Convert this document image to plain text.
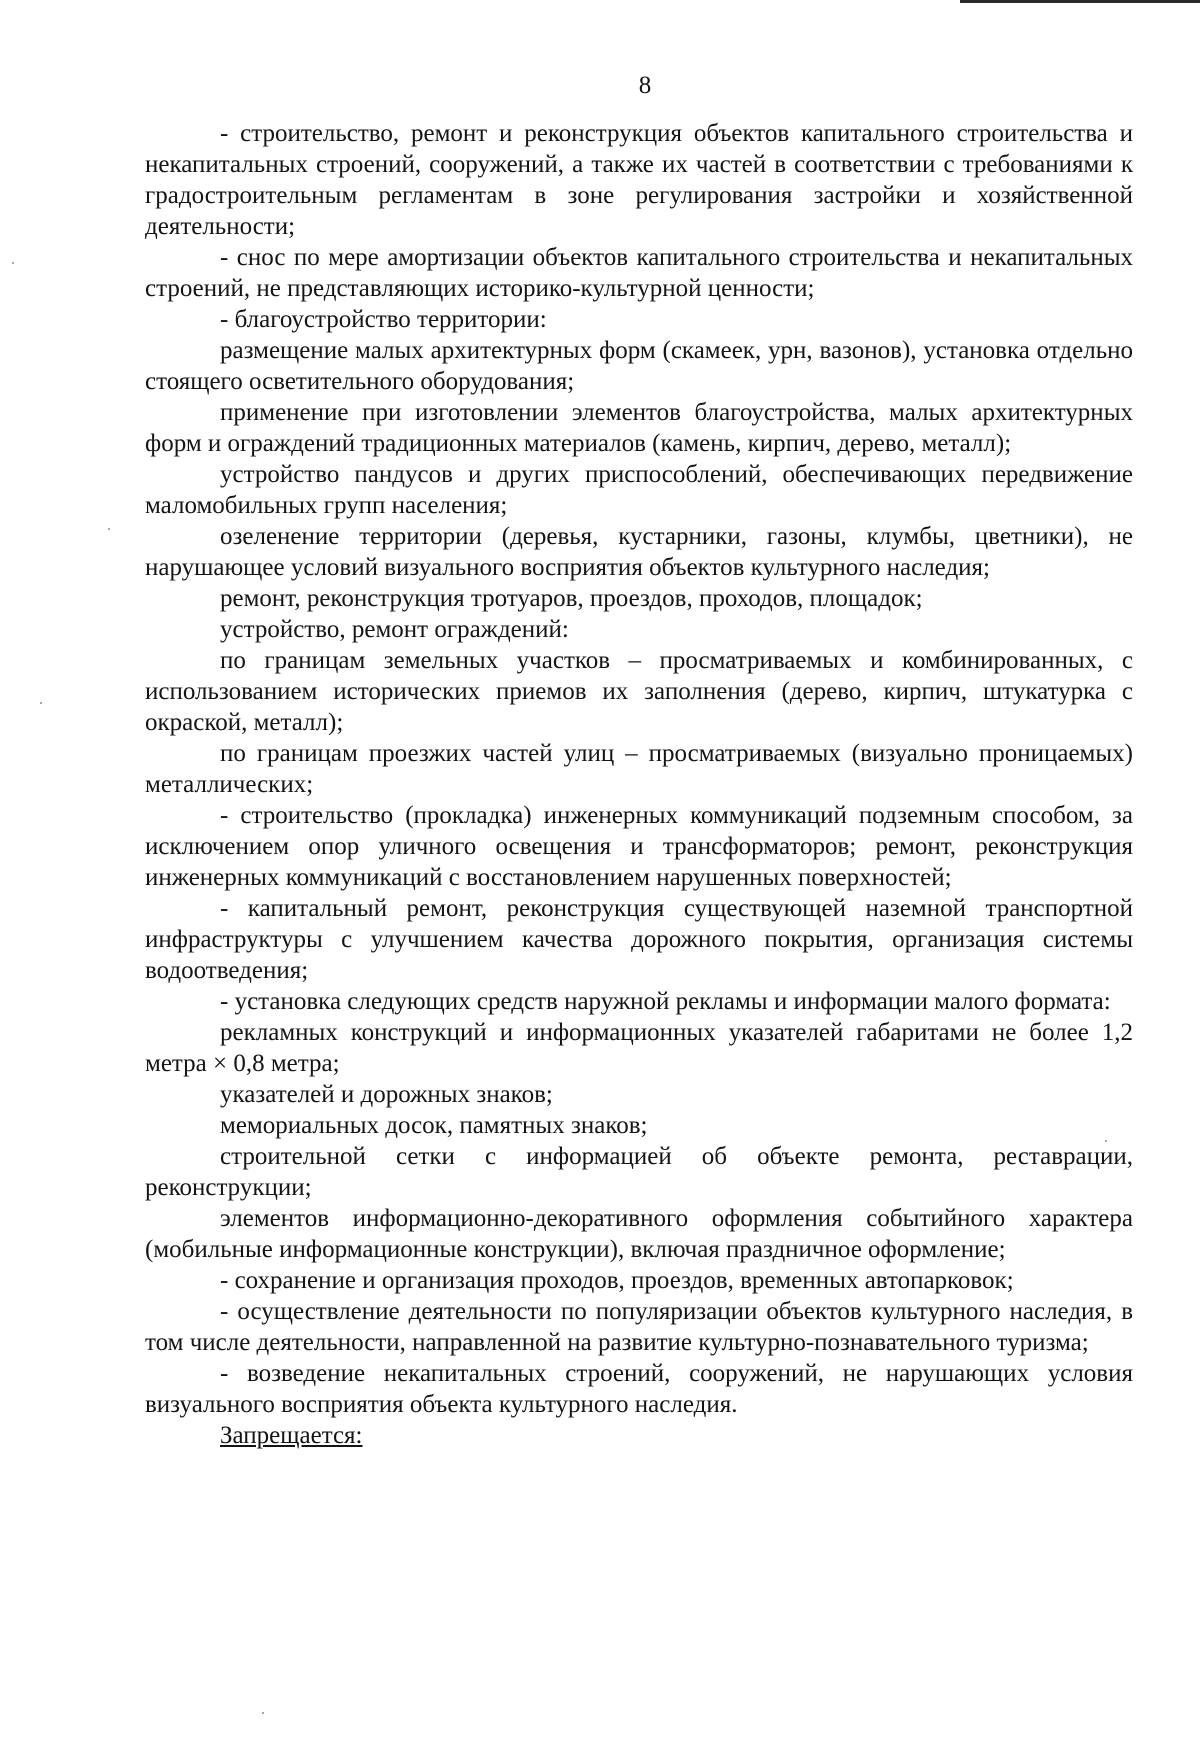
8

- строительство, ремонт и реконструкция объектов капитального строительства и некапитальных строений, сооружений, а также их частей в соответствии с требованиями к градостроительным регламентам в зоне регулирования застройки и хозяйственной деятельности;

- снос по мере амортизации объектов капитального строительства и некапитальных строений, не представляющих историко-культурной ценности;

- благоустройство территории:

размещение малых архитектурных форм (скамеек, урн, вазонов), установка отдельно стоящего осветительного оборудования;

применение при изготовлении элементов благоустройства, малых архитектурных форм и ограждений традиционных материалов (камень, кирпич, дерево, металл);

устройство пандусов и других приспособлений, обеспечивающих передвижение маломобильных групп населения;

озеленение территории (деревья, кустарники, газоны, клумбы, цветники), не нарушающее условий визуального восприятия объектов культурного наследия;

ремонт, реконструкция тротуаров, проездов, проходов, площадок;

устройство, ремонт ограждений:

по границам земельных участков – просматриваемых и комбинированных, с использованием исторических приемов их заполнения (дерево, кирпич, штукатурка с окраской, металл);

по границам проезжих частей улиц – просматриваемых (визуально проницаемых) металлических;

- строительство (прокладка) инженерных коммуникаций подземным способом, за исключением опор уличного освещения и трансформаторов; ремонт, реконструкция инженерных коммуникаций с восстановлением нарушенных поверхностей;

- капитальный ремонт, реконструкция существующей наземной транспортной инфраструктуры с улучшением качества дорожного покрытия, организация системы водоотведения;

- установка следующих средств наружной рекламы и информации малого формата:

рекламных конструкций и информационных указателей габаритами не более 1,2 метра × 0,8 метра;

указателей и дорожных знаков;

мемориальных досок, памятных знаков;

строительной сетки с информацией об объекте ремонта, реставрации, реконструкции;

элементов информационно-декоративного оформления событийного характера (мобильные информационные конструкции), включая праздничное оформление;

- сохранение и организация проходов, проездов, временных автопарковок;

- осуществление деятельности по популяризации объектов культурного наследия, в том числе деятельности, направленной на развитие культурно-познавательного туризма;

- возведение некапитальных строений, сооружений, не нарушающих условия визуального восприятия объекта культурного наследия.

Запрещается:
